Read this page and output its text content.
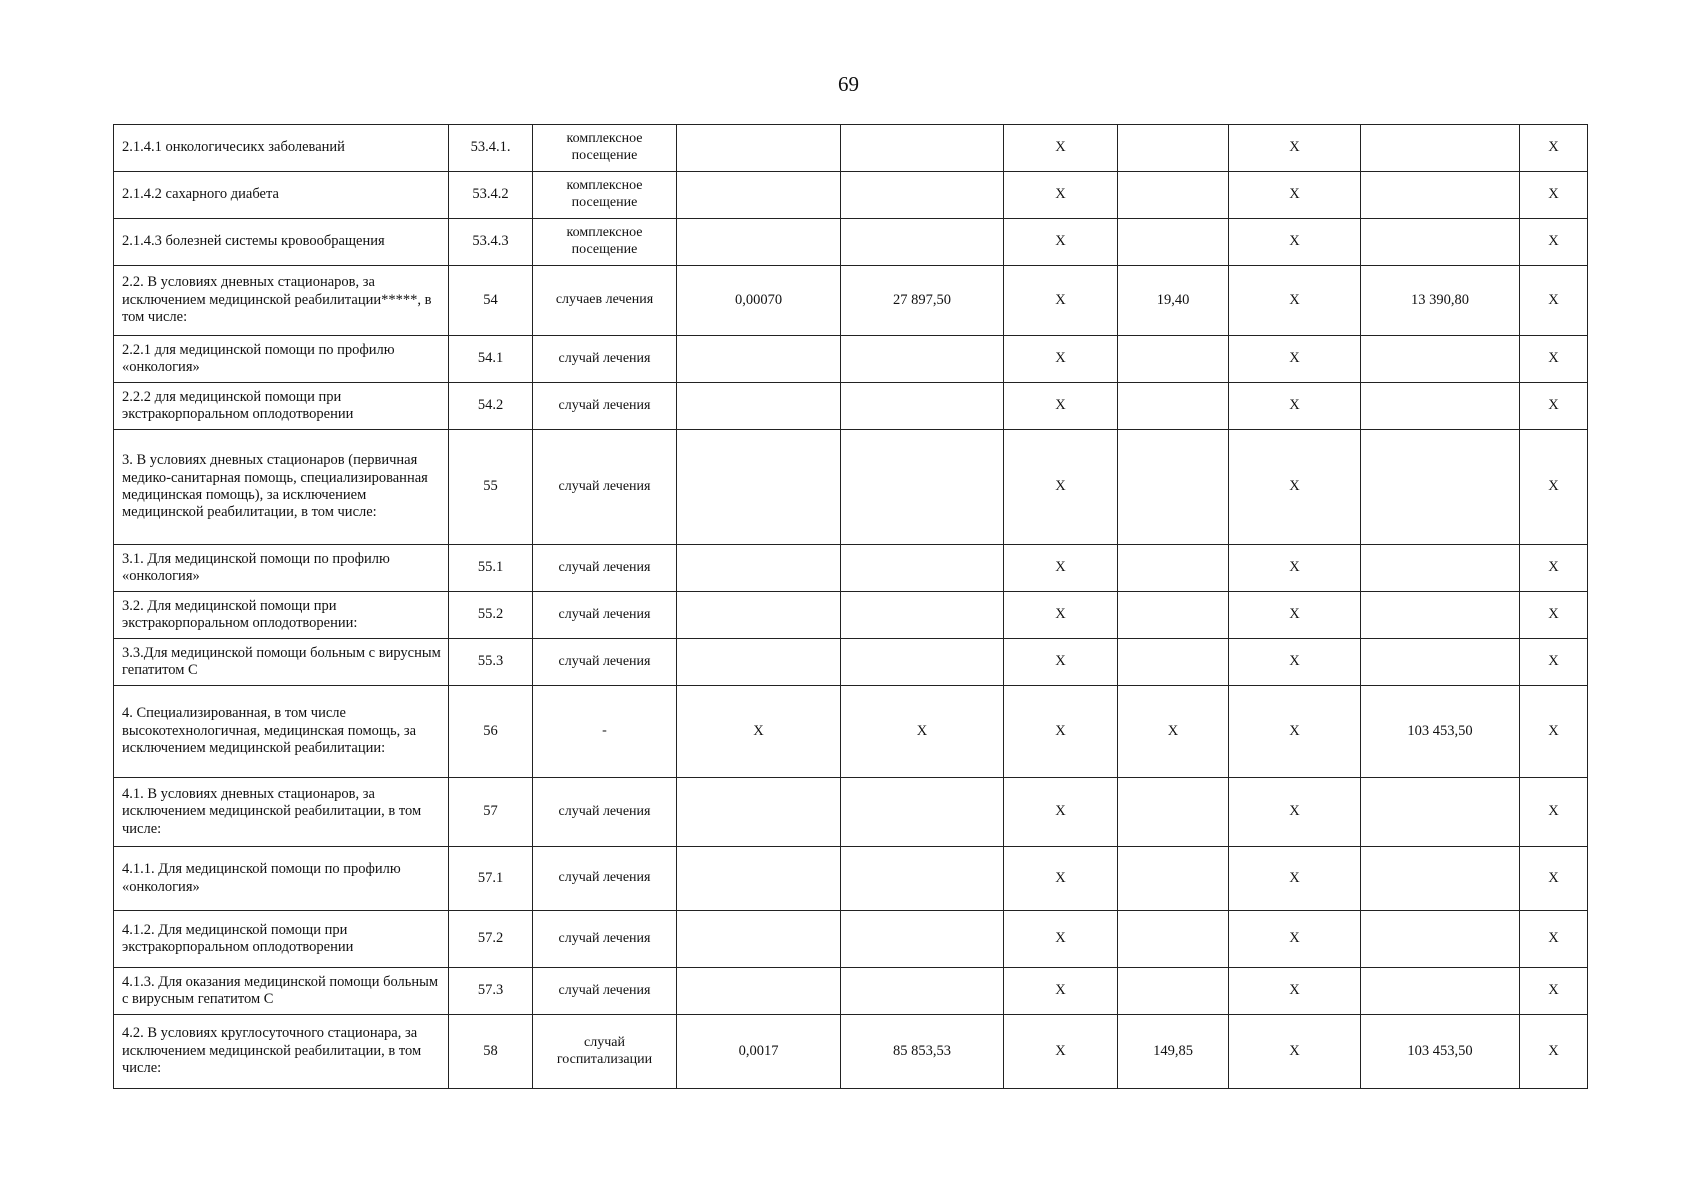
69
2.1.4.1 онкологичесикх заболеваний	53.4.1.	комплексное посещение			X		X		X
2.1.4.2 сахарного диабета	53.4.2	комплексное посещение			X		X		X
2.1.4.3 болезней системы кровообращения	53.4.3	комплексное посещение			X		X		X
2.2. В условиях дневных стационаров, за исключением медицинской реабилитации*****, в том числе:	54	случаев лечения	0,00070	27 897,50	X	19,40	X	13 390,80	X
2.2.1 для медицинской помощи по профилю «онкология»	54.1	случай лечения			X		X		X
2.2.2 для медицинской помощи при экстракорпоральном оплодотворении	54.2	случай лечения			X		X		X
3. В условиях дневных стационаров (первичная медико-санитарная помощь, специализированная медицинская помощь), за исключением медицинской реабилитации, в том числе:	55	случай лечения			X		X		X
3.1. Для медицинской помощи по профилю «онкология»	55.1	случай лечения			X		X		X
3.2. Для медицинской помощи при экстракорпоральном оплодотворении:	55.2	случай лечения			X		X		X
3.3.Для медицинской помощи больным с вирусным гепатитом С	55.3	случай лечения			X		X		X
4. Специализированная, в том числе высокотехнологичная, медицинская помощь, за исключением медицинской реабилитации:	56	-	X	X	X	X	X	103 453,50	X
4.1. В условиях дневных стационаров, за исключением медицинской реабилитации, в том числе:	57	случай лечения			X		X		X
4.1.1. Для медицинской помощи по профилю «онкология»	57.1	случай лечения			X		X		X
4.1.2. Для медицинской помощи при экстракорпоральном оплодотворении	57.2	случай лечения			X		X		X
4.1.3. Для оказания медицинской помощи больным с вирусным гепатитом С	57.3	случай лечения			X		X		X
4.2. В условиях круглосуточного стационара, за исключением медицинской реабилитации, в том числе:	58	случай госпитализации	0,0017	85 853,53	X	149,85	X	103 453,50	X
